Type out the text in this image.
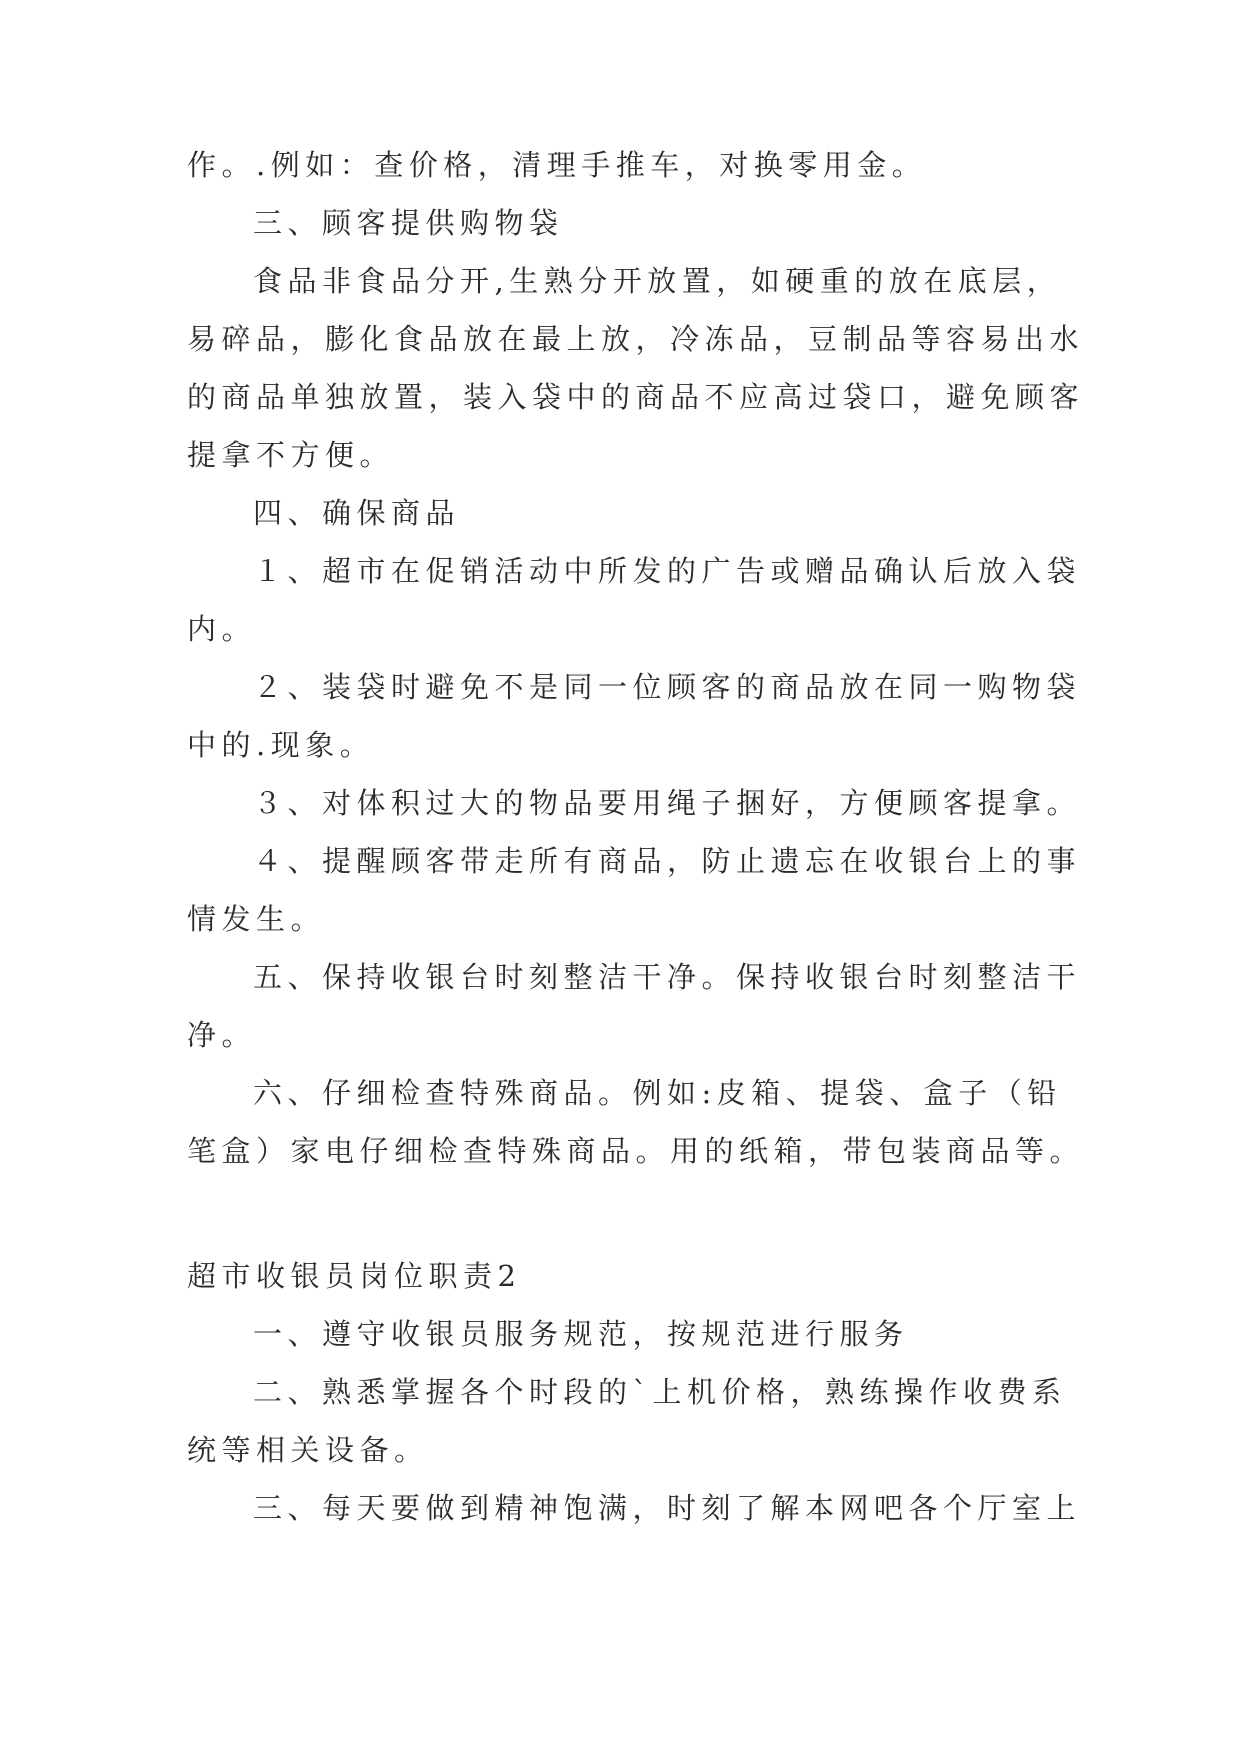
作。.例如：查价格，清理手推车，对换零用金。
三、顾客提供购物袋
食品非食品分开,生熟分开放置，如硬重的放在底层，
易碎品，膨化食品放在最上放，冷冻品，豆制品等容易出水
的商品单独放置，装入袋中的商品不应高过袋口，避免顾客
提拿不方便。
四、确保商品
１、超市在促销活动中所发的广告或赠品确认后放入袋
内。
２、装袋时避免不是同一位顾客的商品放在同一购物袋
中的.现象。
３、对体积过大的物品要用绳子捆好，方便顾客提拿。
４、提醒顾客带走所有商品，防止遗忘在收银台上的事
情发生。
五、保持收银台时刻整洁干净。保持收银台时刻整洁干
净。
六、仔细检查特殊商品。例如:皮箱、提袋、盒子（铅
笔盒）家电仔细检查特殊商品。用的纸箱，带包装商品等。
超市收银员岗位职责2
一、遵守收银员服务规范，按规范进行服务
二、熟悉掌握各个时段的`上机价格，熟练操作收费系
统等相关设备。
三、每天要做到精神饱满，时刻了解本网吧各个厅室上
